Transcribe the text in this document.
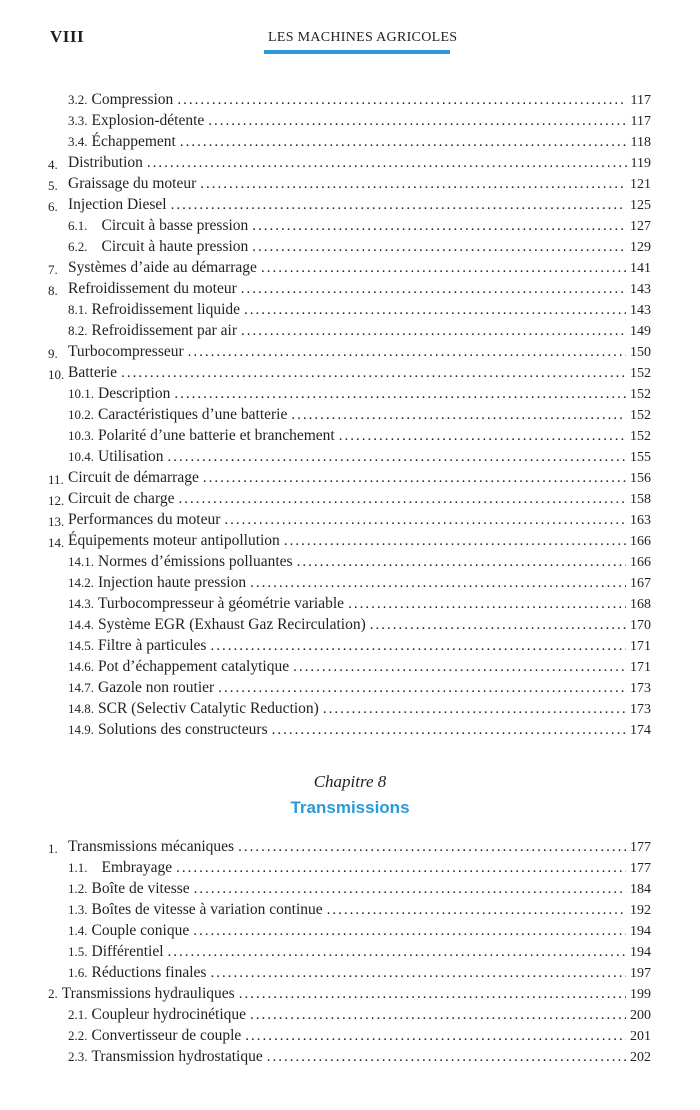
VIII	LES MACHINES AGRICOLES
3.2. Compression .....	117
3.3. Explosion-détente .....	117
3.4. Échappement .....	118
4. Distribution .....	119
5. Graissage du moteur .....	121
6. Injection Diesel .....	125
6.1. Circuit à basse pression .....	127
6.2. Circuit à haute pression .....	129
7. Systèmes d’aide au démarrage .....	141
8. Refroidissement du moteur .....	143
8.1. Refroidissement liquide .....	143
8.2. Refroidissement par air .....	149
9. Turbocompresseur .....	150
10. Batterie .....	152
10.1. Description .....	152
10.2. Caractéristiques d’une batterie .....	152
10.3. Polarité d’une batterie et branchement .....	152
10.4. Utilisation .....	155
11. Circuit de démarrage .....	156
12. Circuit de charge .....	158
13. Performances du moteur .....	163
14. Équipements moteur antipollution .....	166
14.1. Normes d’émissions polluantes .....	166
14.2. Injection haute pression .....	167
14.3. Turbocompresseur à géométrie variable .....	168
14.4. Système EGR (Exhaust Gaz Recirculation) .....	170
14.5. Filtre à particules .....	171
14.6. Pot d’échappement catalytique .....	171
14.7. Gazole non routier .....	173
14.8. SCR (Selectiv Catalytic Reduction) .....	173
14.9. Solutions des constructeurs .....	174
Chapitre 8
Transmissions
1. Transmissions mécaniques .....	177
1.1. Embrayage .....	177
1.2. Boîte de vitesse .....	184
1.3. Boîtes de vitesse à variation continue .....	192
1.4. Couple conique .....	194
1.5. Différentiel .....	194
1.6. Réductions finales .....	197
2. Transmissions hydrauliques .....	199
2.1. Coupleur hydrocinétique .....	200
2.2. Convertisseur de couple .....	201
2.3. Transmission hydrostatique .....	202
